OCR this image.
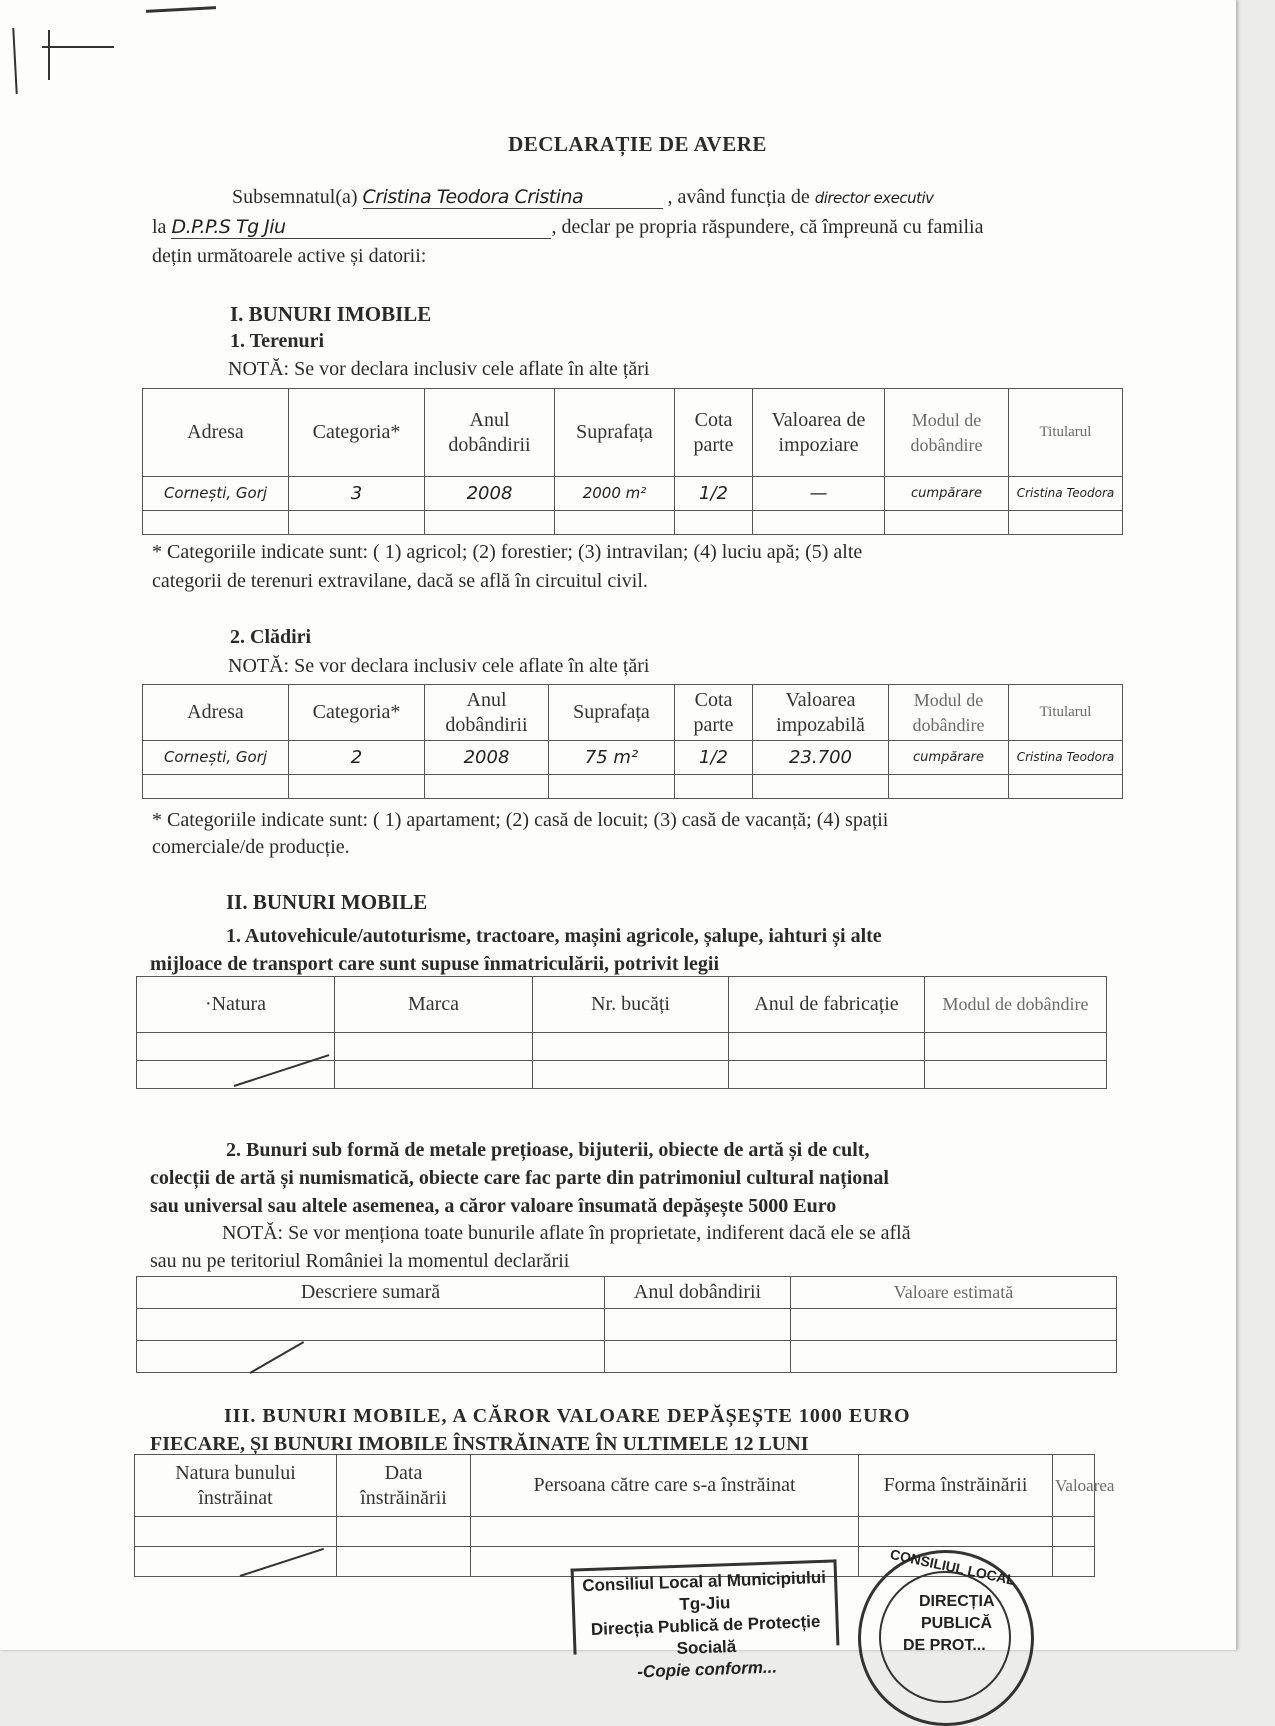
DECLARAȚIE DE AVERE
Subsemnatul(a) Cristina Teodora Cristina	, având funcția de director executiv
la D.P.P.S Tg Jiu	, declar pe propria răspundere, că împreună cu familia
dețin următoarele active și datorii:
I. BUNURI IMOBILE
1. Terenuri
NOTĂ: Se vor declara inclusiv cele aflate în alte țări
Adresa	Categoria*	Anul dobândirii	Suprafața	Cota parte	Valoarea de impoziare	Modul de dobândire	Titularul
Cornești, Gorj	3	2008	2000 m²	1/2	—	cumpărare	Cristina Teodora

* Categoriile indicate sunt: ( 1) agricol; (2) forestier; (3) intravilan; (4) luciu apă; (5) alte
categorii de terenuri extravilane, dacă se află în circuitul civil.
2. Clădiri
NOTĂ: Se vor declara inclusiv cele aflate în alte țări
Adresa	Categoria*	Anul dobândirii	Suprafața	Cota parte	Valoarea impozabilă	Modul de dobândire	Titularul
Cornești, Gorj	2	2008	75 m²	1/2	23.700	cumpărare	Cristina Teodora

* Categoriile indicate sunt: ( 1) apartament; (2) casă de locuit; (3) casă de vacanță; (4) spații
comerciale/de producție.
II. BUNURI MOBILE
1. Autovehicule/autoturisme, tractoare, mașini agricole, șalupe, iahturi și alte
mijloace de transport care sunt supuse înmatriculării, potrivit legii
·Natura	Marca	Nr. bucăți	Anul de fabricație	Modul de dobândire

2. Bunuri sub formă de metale prețioase, bijuterii, obiecte de artă și de cult,
colecții de artă și numismatică, obiecte care fac parte din patrimoniul cultural național
sau universal sau altele asemenea, a căror valoare însumată depășește 5000 Euro
NOTĂ: Se vor menționa toate bunurile aflate în proprietate, indiferent dacă ele se află
sau nu pe teritoriul României la momentul declarării
Descriere sumară	Anul dobândirii	Valoare estimată

III. BUNURI MOBILE, A CĂROR VALOARE DEPĂȘEȘTE 1000 EURO
FIECARE, ȘI BUNURI IMOBILE ÎNSTRĂINATE ÎN ULTIMELE 12 LUNI
Natura bunului înstrăinat	Data înstrăinării	Persoana către care s-a înstrăinat	Forma înstrăinării	Valoarea

Consiliul Local al Municipiului Tg-Jiu
Direcția Publică de Protecție Socială
-Copie conform...
CONSILIUL LOCAL
DIRECȚIA
PUBLICĂ
DE PROT...
